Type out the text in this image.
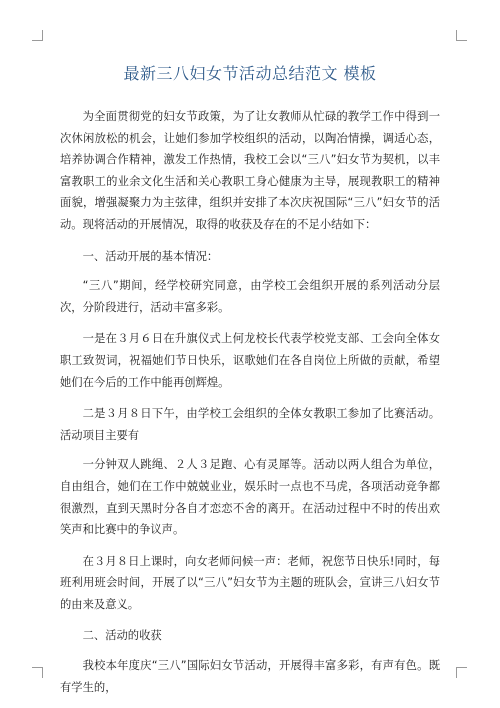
最新三八妇女节活动总结范文 模板

为全面贯彻党的妇女节政策，为了让女教师从忙碌的教学工作中得到一次休闲放松的机会，让她们参加学校组织的活动，以陶冶情操，调适心态，培养协调合作精神，激发工作热情，我校工会以“三八”妇女节为契机，以丰富教职工的业余文化生活和关心教职工身心健康为主导，展现教职工的精神面貌，增强凝聚力为主弦律，组织并安排了本次庆祝国际“三八”妇女节的活动。现将活动的开展情况，取得的收获及存在的不足小结如下：

一、活动开展的基本情况：

“三八”期间，经学校研究同意，由学校工会组织开展的系列活动分层次，分阶段进行，活动丰富多彩。

一是在３月６日在升旗仪式上何龙校长代表学校党支部、工会向全体女职工致贺词，祝福她们节日快乐，讴歌她们在各自岗位上所做的贡献，希望她们在今后的工作中能再创辉煌。

二是３月８日下午，由学校工会组织的全体女教职工参加了比赛活动。活动项目主要有

一分钟双人跳绳、２人３足跑、心有灵犀等。活动以两人组合为单位，自由组合，她们在工作中兢兢业业，娱乐时一点也不马虎，各项活动竞争都很激烈，直到天黑时分各自才恋恋不舍的离开。在活动过程中不时的传出欢笑声和比赛中的争议声。

在３月８日上课时，向女老师问候一声：老师，祝您节日快乐!同时，每班利用班会时间，开展了以“三八”妇女节为主题的班队会，宣讲三八妇女节的由来及意义。

二、活动的收获

我校本年度庆“三八”国际妇女节活动，开展得丰富多彩，有声有色。既有学生的，
